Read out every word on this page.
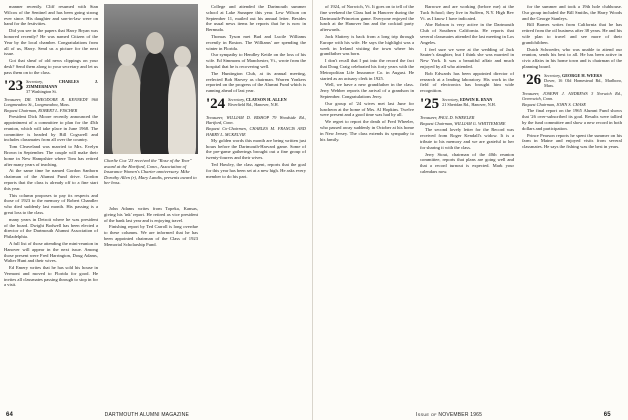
manner recently. Cliff resumed with Stan Wilcox of the Sentinel and has been going strong ever since. His daughter and son-in-law were on hand for the festivities.

Did you see in the papers that Harry Bryan was honored recently? He was named Citizen of the Year by the local chamber. Congratulations from all of us, Harry. Send us a picture for the next issue.

Got that sheaf of old news clippings on your desk? Send them along to your secretary and let us pass them on to the class.

'23 Secretary,	CHARLES J. ZIMMERMANN
37 Washington St.
Treasurer, DR. THEODORE R. KENNEDY 960 Longmeadow St., Longmeadow, Mass.
Bequest Chairman, ROBERT L. FISCHER

President Dick Moore recently announced the appointment of a committee to plan for the 45th reunion, which will take place in June 1968. The committee is headed by Bill Cogswell and includes classmates from all over the country.

Tom Cleaveland was married to Mrs. Evelyn Brown in September. The couple will make their home in New Hampshire where Tom has retired after many years of teaching.

At the same time he named Gordon Sanborn chairman of the Alumni Fund drive. Gordon reports that the class is already off to a fine start this year.

This column proposes to pay its respects and those of 1923 to the memory of Robert Chandler who died suddenly last month. His passing is a great loss to the class.

many years in Detroit where he was president of the board. Dwight Bodwell has been elected a director of the Dartmouth Alumni Association of Philadelphia.

A full list of those attending the mini-reunion in Hanover will appear in the next issue. Among those present were Fred Harrington, Doug Adams, Walter Hunt and their wives.

Ed Emery writes that he has sold his house in Vermont and moved to Florida for good. He invites all classmates passing through to stop in for a visit.

Charlie Cox '23 received the "Rose of the Year" award at the Hartford, Conn., Association of Insurance Women's Charter anniversary. Mike Dorothy Allen (r), Mary Landis, presents award to her boss.

John Adams writes from Topeka, Kansas, giving his 'ink' report. He retired as vice president of the bank last year and is enjoying travel.

Finishing report by Ted Carroll is long overdue to these columns. We are informed that he has been appointed chairman of the Class of 1923 Memorial Scholarship Fund.

College and attended the Dartmouth summer school at Lake Sunapee this year. Lew Wilson on September 11, mailed out his annual letter. Besides the usual news items he reports that he is now in Bermuda.

Thomas Tyson met Bud and Lucile Williams recently in Boston. The Williams' are spending the winter in Florida.

Our sympathy to Hendley Kettle on the loss of his wife. Ed Simmons of Manchester, Vt., wrote from the hospital that he is recovering well.

The Huntington Club, at its annual meeting, reelected Bob Harvey as chairman. Warren Yonkers reported on the progress of the Alumni Fund which is running ahead of last year.

'24 Secretary, CLAYSON H. ALLEN
Riverfield Rd., Hanover, N.H.
Treasurer, WILLIAM D. BISHOP 79 Woodside Rd., Hartford, Conn.
Bequest Co-Chairmen, CHARLES M. FRANCIS AND HARRY L. MCKELVIE

My golden words this month are being written just hours before the Dartmouth-Harvard game. Some of the pre-game gatherings brought out a fine group of twenty-fourers and their wives.

Ted Hawley, the class agent, reports that the goal for this year has been set at a new high. He asks every member to do his part.

64	DARTMOUTH ALUMNI MAGAZINE

of 1924, of Norwich, Vt. It goes on to tell of the fine weekend the Class had in Hanover during the Dartmouth-Princeton game. Everyone enjoyed the lunch at the Hanover Inn and the cocktail party afterwards.

Jack Slattery is back from a long trip through Europe with his wife. He says the highlight was a week in Ireland visiting the town where his grandfather was born.

I don't recall that I put into the record the fact that Doug Craig celebrated his forty years with the Metropolitan Life Insurance Co. in August. He started as an actuary clerk in 1925.

Well, we have a new grandfather in the class. Jerry Webber reports the arrival of a grandson in September. Congratulations Jerry.

Our group of '24 wives met last June for luncheon at the home of Mrs. Al Hopkins. Twelve were present and a good time was had by all.

We regret to report the death of Fred Wheeler, who passed away suddenly in October at his home in New Jersey. The class extends its sympathy to his family.

Barrowe and are working (before me) at the Tuck School; they live in Suffern, N.Y. High Rev Vt. as I know I have indicated.

Abe Robson is very active in the Dartmouth Club of Southern California. He reports that several classmates attended the last meeting in Los Angeles.

I feel sure we were at the wedding of Jack Sauter's daughter, but I think she was married in New York. It was a beautiful affair and much enjoyed by all who attended.

Bob Edwards has been appointed director of research at a leading laboratory. His work in the field of electronics has brought him wide recognition.

'25 Secretary, EDWIN R. RYAN
21 Sheridan Rd., Hanover, N.H.
Treasurer, PAUL D. WHEELER
Bequest Chairman, WILLIAM G. WHITTEMORE

The second lovely letter for the Record was received from Roger Kendall's widow. It is a tribute to his memory and we are grateful to her for sharing it with the class.

Jerry Stout, chairman of the 40th reunion committee, reports that plans are going well and that a record turnout is expected. Mark your calendars now.

for the summer and took a 19th hole clubhouse. Our group included the Bill Smiths, the Harry Woods and the George Stanleys.

Bill Barnes writes from California that he has retired from the oil business after 38 years. He and his wife plan to travel and see more of their grandchildren.

Dutch Schroeder, who was unable to attend our reunion, sends his best to all. He has been active in civic affairs in his home town and is chairman of the planning board.

'26 Secretary, GEORGE H. WEEKS
Dover, 16 Old Homestead Rd., Marlboro, Mass.
Treasurer, JOSEPH J. ANDREWS 3 Norwich Rd., Greenwich, Conn.
Bequest Chairman, JOHN S. CHASE

The final report on the 1965 Alumni Fund shows that '26 over-subscribed its goal. Results were tallied by the fund committee and show a new record in both dollars and participation.

Prince Pearson reports he spent the summer on his farm in Maine and enjoyed visits from several classmates. He says the fishing was the best in years.

Issue of NOVEMBER 1965	65
